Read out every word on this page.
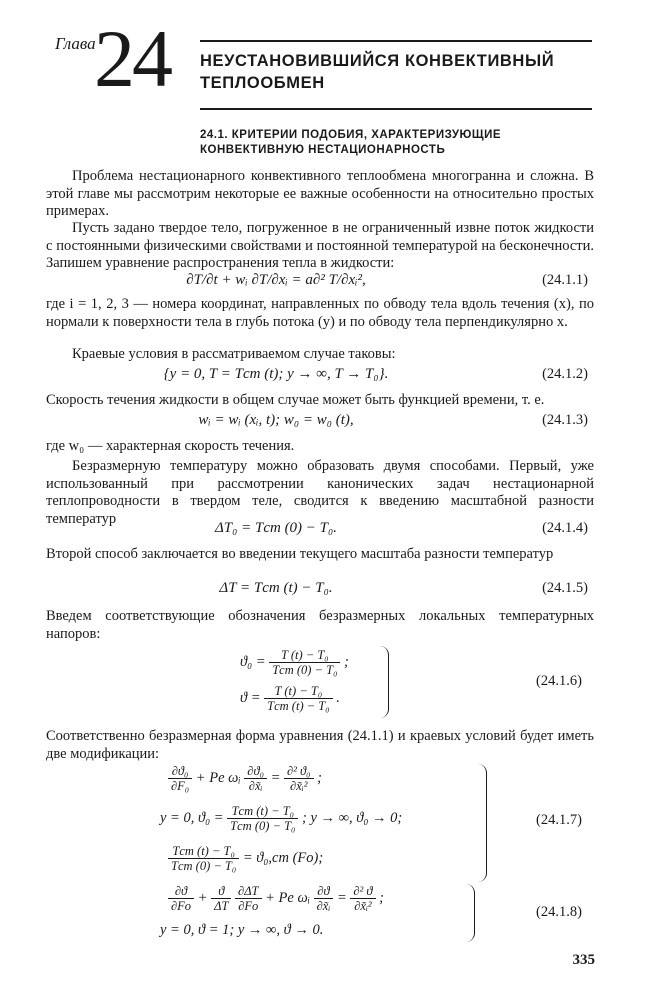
Глава
24 НЕУСТАНОВИВШИЙСЯ КОНВЕКТИВНЫЙ
ТЕПЛООБМЕН
24.1. КРИТЕРИИ ПОДОБИЯ, ХАРАКТЕРИЗУЮЩИЕ
КОНВЕКТИВНУЮ НЕСТАЦИОНАРНОСТЬ
Проблема нестационарного конвективного теплообмена многогранна и сложна. В этой главе мы рассмотрим некоторые ее важные особенности на относительно простых примерах.
Пусть задано твердое тело, погруженное в не ограниченный извне поток жидкости с постоянными физическими свойствами и постоянной температурой на бесконечности. Запишем уравнение распространения тепла в жидкости:
∂T/∂t + wᵢ ∂T/∂xᵢ = a∂² T/∂xᵢ²,	(24.1.1)
где i = 1, 2, 3 — номера координат, направленных по обводу тела вдоль течения (x), по нормали к поверхности тела в глубь потока (y) и по обводу тела перпендикулярно x.
Краевые условия в рассматриваемом случае таковы:
{y = 0, T = Tст (t); y → ∞, T → T₀}.	(24.1.2)
Скорость течения жидкости в общем случае может быть функцией времени, т. е.
wᵢ = wᵢ (xᵢ, t); w₀ = w₀ (t),	(24.1.3)
где w₀ — характерная скорость течения.
Безразмерную температуру можно образовать двумя способами. Первый, уже использованный при рассмотрении канонических задач нестационарной теплопроводности в твердом теле, сводится к введению масштабной разности температур
ΔT₀ = Tст (0) − T₀.	(24.1.4)
Второй способ заключается во введении текущего масштаба разности температур
ΔT = Tст (t) − T₀.	(24.1.5)
Введем соответствующие обозначения безразмерных локальных температурных напоров:
$ϑ_0 = \frac{\text{T (t) − T₀}}{\text{Tст (0) − T₀}}$ ;
$ϑ = \frac{\text{T (t) − T₀}}{\text{Tст (t) − T₀}}$ .
(24.1.6)
Соответственно безразмерная форма уравнения (24.1.1) и краевых условий будет иметь две модификации:
$\frac{\text{∂ϑ₀}}{\text{∂F₀}} + Pe$ ωᵢ $\frac{\text{∂ϑ₀}}{\text{∂x̃ᵢ}} = \frac{\text{∂² ϑ₀}}{\text{∂x̃ᵢ²}}$ ;
y = 0, $ϑ_0 = \frac{\text{Tст (t) − T₀}}{\text{Tст (0) − T₀}}$ ; y → ∞, ϑ₀ → 0;
$\frac{\text{Tст (t) − T₀}}{\text{Tст (0) − T₀}} = ϑ_0,ст$ (Fo);
(24.1.7)
$\frac{\partial ϑ}{\partial Fo} + \frac{ϑ}{\Delta T}$
$\frac{\partial\Delta T}{\partial Fo} + Pe$ ωᵢ $\frac{\partial ϑ}{\text{∂x̃ᵢ}} = \frac{\text{∂² ϑ}}{\text{∂x̃ᵢ²}}$ ;
y = 0, ϑ = 1; y → ∞, ϑ → 0.
(24.1.8)
335
